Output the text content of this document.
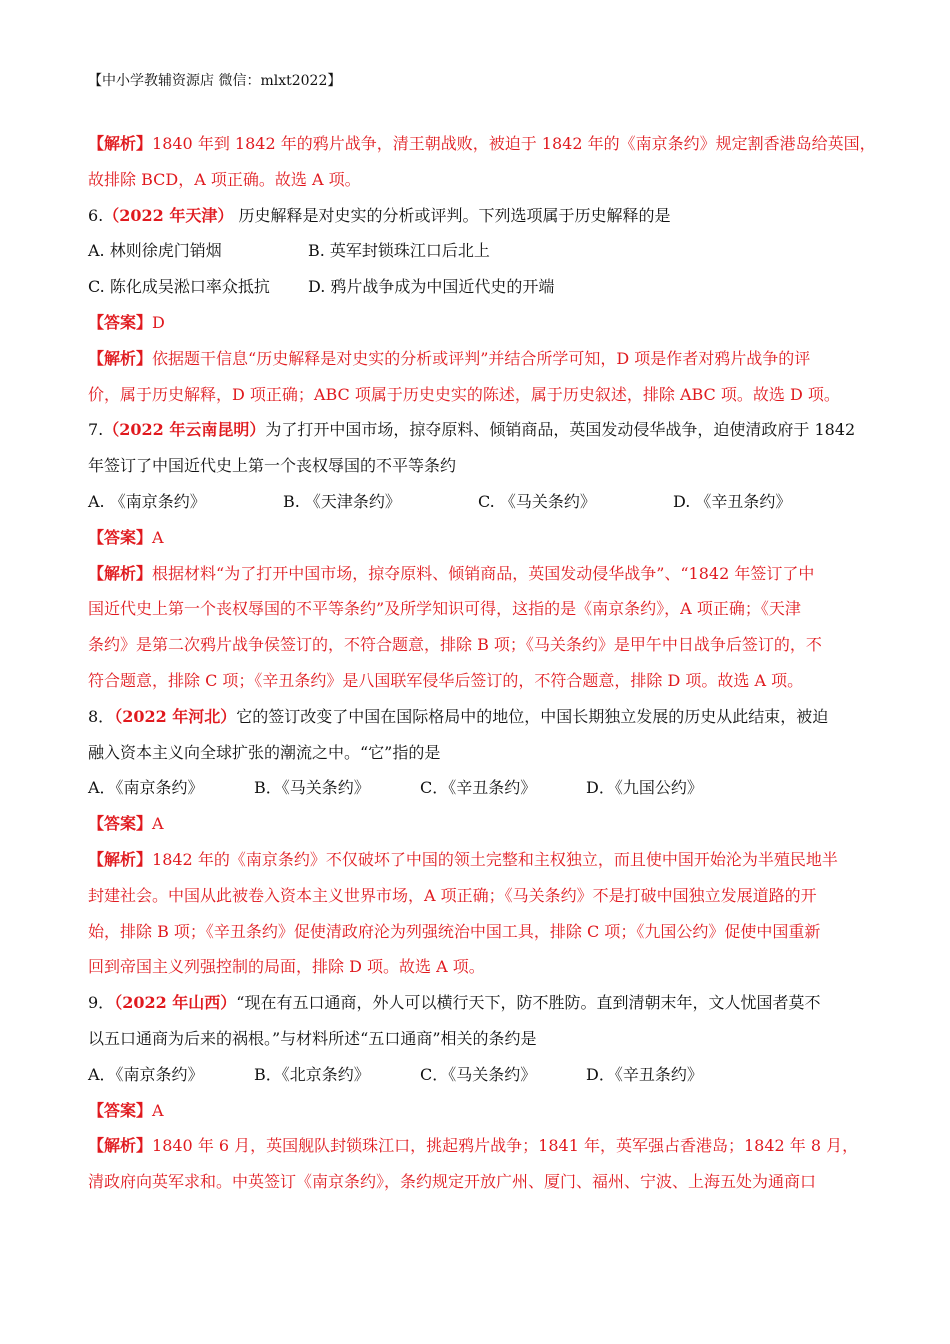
【中小学教辅资源店 微信：mlxt2022】
【解析】1840 年到 1842 年的鸦片战争，清王朝战败，被迫于 1842 年的《南京条约》规定割香港岛给英国，
故排除 BCD，A 项正确。故选 A 项。
6.（2022 年天津） 历史解释是对史实的分析或评判。下列选项属于历史解释的是
A. 林则徐虎门销烟	B. 英军封锁珠江口后北上
C. 陈化成吴淞口率众抵抗	D. 鸦片战争成为中国近代史的开端
【答案】D
【解析】依据题干信息“历史解释是对史实的分析或评判”并结合所学可知，D 项是作者对鸦片战争的评
价，属于历史解释，D 项正确；ABC 项属于历史史实的陈述，属于历史叙述，排除 ABC 项。故选 D 项。
7.（2022 年云南昆明）为了打开中国市场，掠夺原料、倾销商品，英国发动侵华战争，迫使清政府于 1842
年签订了中国近代史上第一个丧权辱国的不平等条约
A. 《南京条约》	B. 《天津条约》	C. 《马关条约》	D. 《辛丑条约》
【答案】A
【解析】根据材料“为了打开中国市场，掠夺原料、倾销商品，英国发动侵华战争”、“1842 年签订了中
国近代史上第一个丧权辱国的不平等条约”及所学知识可得，这指的是《南京条约》，A 项正确；《天津
条约》是第二次鸦片战争侯签订的，不符合题意，排除 B 项；《马关条约》是甲午中日战争后签订的，不
符合题意，排除 C 项；《辛丑条约》是八国联军侵华后签订的，不符合题意，排除 D 项。故选 A 项。
8．（2022 年河北）它的签订改变了中国在国际格局中的地位，中国长期独立发展的历史从此结束，被迫
融入资本主义向全球扩张的潮流之中。“它”指的是
A．《南京条约》	B．《马关条约》	C．《辛丑条约》	D．《九国公约》
【答案】A
【解析】1842 年的《南京条约》不仅破坏了中国的领土完整和主权独立，而且使中国开始沦为半殖民地半
封建社会。中国从此被卷入资本主义世界市场，A 项正确；《马关条约》不是打破中国独立发展道路的开
始，排除 B 项；《辛丑条约》促使清政府沦为列强统治中国工具，排除 C 项；《九国公约》促使中国重新
回到帝国主义列强控制的局面，排除 D 项。故选 A 项。
9．（2022 年山西）“现在有五口通商，外人可以横行天下，防不胜防。直到清朝末年，文人忧国者莫不
以五口通商为后来的祸根。”与材料所述“五口通商”相关的条约是
A．《南京条约》	B．《北京条约》	C．《马关条约》	D．《辛丑条约》
【答案】A
【解析】1840 年 6 月，英国舰队封锁珠江口，挑起鸦片战争；1841 年，英军强占香港岛；1842 年 8 月，
清政府向英军求和。中英签订《南京条约》，条约规定开放广州、厦门、福州、宁波、上海五处为通商口
